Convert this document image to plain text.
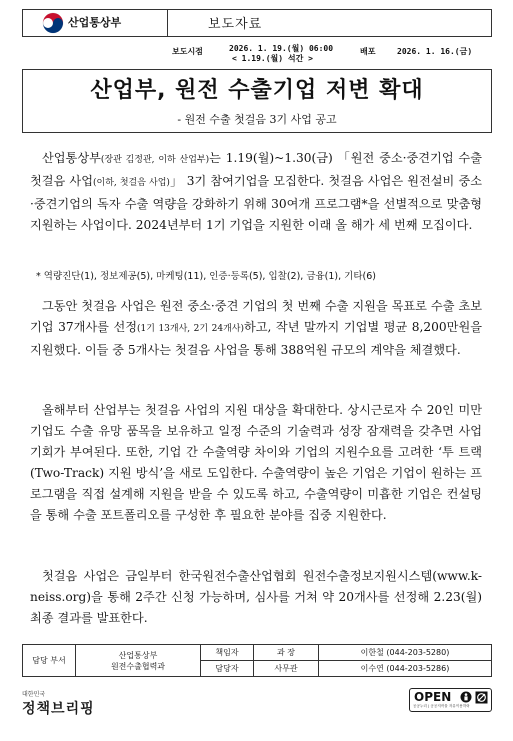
산업통상부	보도자료
보도시점	2026. 1. 19.(월) 06:00
< 1.19.(월) 석간 >
배포	2026. 1. 16.(금)
산업부, 원전 수출기업 저변 확대
- 원전 수출 첫걸음 3기 사업 공고

산업통상부(장관 김정관, 이하 산업부)는 1.19(월)~1.30(금) 「원전 중소·중견기업 수출 첫걸음 사업(이하, 첫걸음 사업)」 3기 참여기업을 모집한다. 첫걸음 사업은 원전설비 중소·중견기업의 독자 수출 역량을 강화하기 위해 30여개 프로그램*을 선별적으로 맞춤형 지원하는 사업이다. 2024년부터 1기 기업을 지원한 이래 올 해가 세 번째 모집이다.

* 역량진단(1), 정보제공(5), 마케팅(11), 인증·등록(5), 입찰(2), 금융(1), 기타(6)

그동안 첫걸음 사업은 원전 중소·중견 기업의 첫 번째 수출 지원을 목표로 수출 초보 기업 37개사를 선정(1기 13개사, 2기 24개사)하고, 작년 말까지 기업별 평균 8,200만원을 지원했다. 이들 중 5개사는 첫걸음 사업을 통해 388억원 규모의 계약을 체결했다.

올해부터 산업부는 첫걸음 사업의 지원 대상을 확대한다. 상시근로자 수 20인 미만 기업도 수출 유망 품목을 보유하고 일정 수준의 기술력과 성장 잠재력을 갖추면 사업 기회가 부여된다. 또한, 기업 간 수출역량 차이와 기업의 지원수요를 고려한 ‘투 트랙(Two-Track) 지원 방식’을 새로 도입한다. 수출역량이 높은 기업은 기업이 원하는 프로그램을 직접 설계해 지원을 받을 수 있도록 하고, 수출역량이 미흡한 기업은 컨설팅을 통해 수출 포트폴리오를 구성한 후 필요한 분야를 집중 지원한다.

첫걸음 사업은 금일부터 한국원전수출산업협회 원전수출정보지원시스템(www.k-neiss.org)을 통해 2주간 신청 가능하며, 심사를 거쳐 약 20개사를 선정해 2.23(월) 최종 결과를 발표한다.

담당 부서	산업통상부
원전수출협력과	책임자	과 장	이한철 (044-203-5280)
		담당자	사무관	이수연 (044-203-5286)
대한민국
정책브리핑
OPEN
공공누리 | 공공저작물 자유이용허락
